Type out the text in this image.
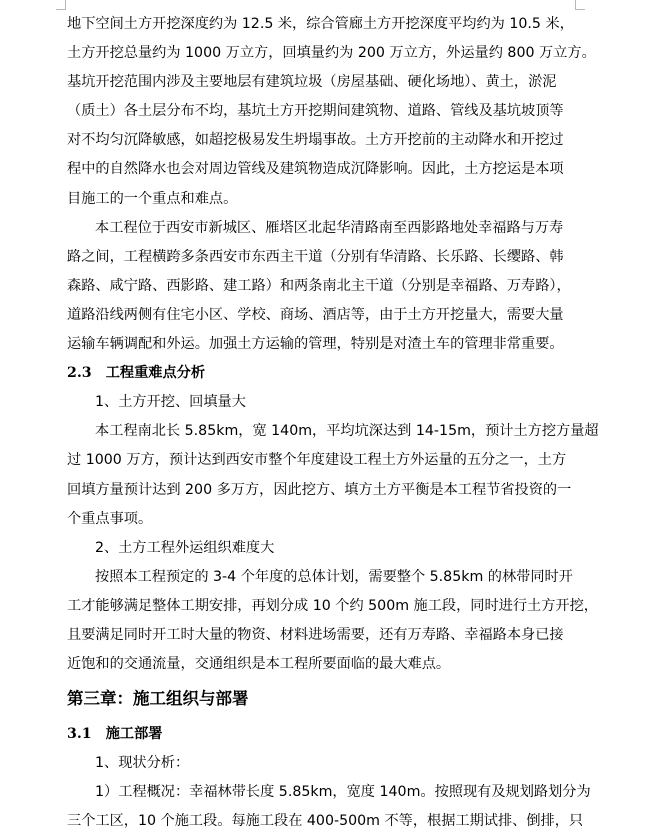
地下空间土方开挖深度约为 12.5 米，综合管廊土方开挖深度平均约为 10.5 米，
土方开挖总量约为 1000 万立方，回填量约为 200 万立方，外运量约 800 万立方。
基坑开挖范围内涉及主要地层有建筑垃圾（房屋基础、硬化场地）、黄土，淤泥
（质土）各土层分布不均，基坑土方开挖期间建筑物、道路、管线及基坑坡顶等
对不均匀沉降敏感，如超挖极易发生坍塌事故。土方开挖前的主动降水和开挖过
程中的自然降水也会对周边管线及建筑物造成沉降影响。因此，土方挖运是本项
目施工的一个重点和难点。
本工程位于西安市新城区、雁塔区北起华清路南至西影路地处幸福路与万寿
路之间，工程横跨多条西安市东西主干道（分别有华清路、长乐路、长缨路、韩
森路、咸宁路、西影路、建工路）和两条南北主干道（分别是幸福路、万寿路），
道路沿线两侧有住宅小区、学校、商场、酒店等，由于土方开挖量大，需要大量
运输车辆调配和外运。加强土方运输的管理，特别是对渣土车的管理非常重要。
2.3 工程重难点分析
1、土方开挖、回填量大
本工程南北长 5.85km，宽 140m，平均坑深达到 14-15m，预计土方挖方量超
过 1000 万方，预计达到西安市整个年度建设工程土方外运量的五分之一，土方
回填方量预计达到 200 多万方，因此挖方、填方土方平衡是本工程节省投资的一
个重点事项。
2、土方工程外运组织难度大
按照本工程预定的 3-4 个年度的总体计划，需要整个 5.85km 的林带同时开
工才能够满足整体工期安排，再划分成 10 个约 500m 施工段，同时进行土方开挖，
且要满足同时开工时大量的物资、材料进场需要，还有万寿路、幸福路本身已接
近饱和的交通流量，交通组织是本工程所要面临的最大难点。
第三章：施工组织与部署
3.1 施工部署
1、现状分析：
1）工程概况：幸福林带长度 5.85km，宽度 140m。按照现有及规划路划分为
三个工区，10 个施工段。每施工段在 400-500m 不等，根据工期试排、倒排，只
